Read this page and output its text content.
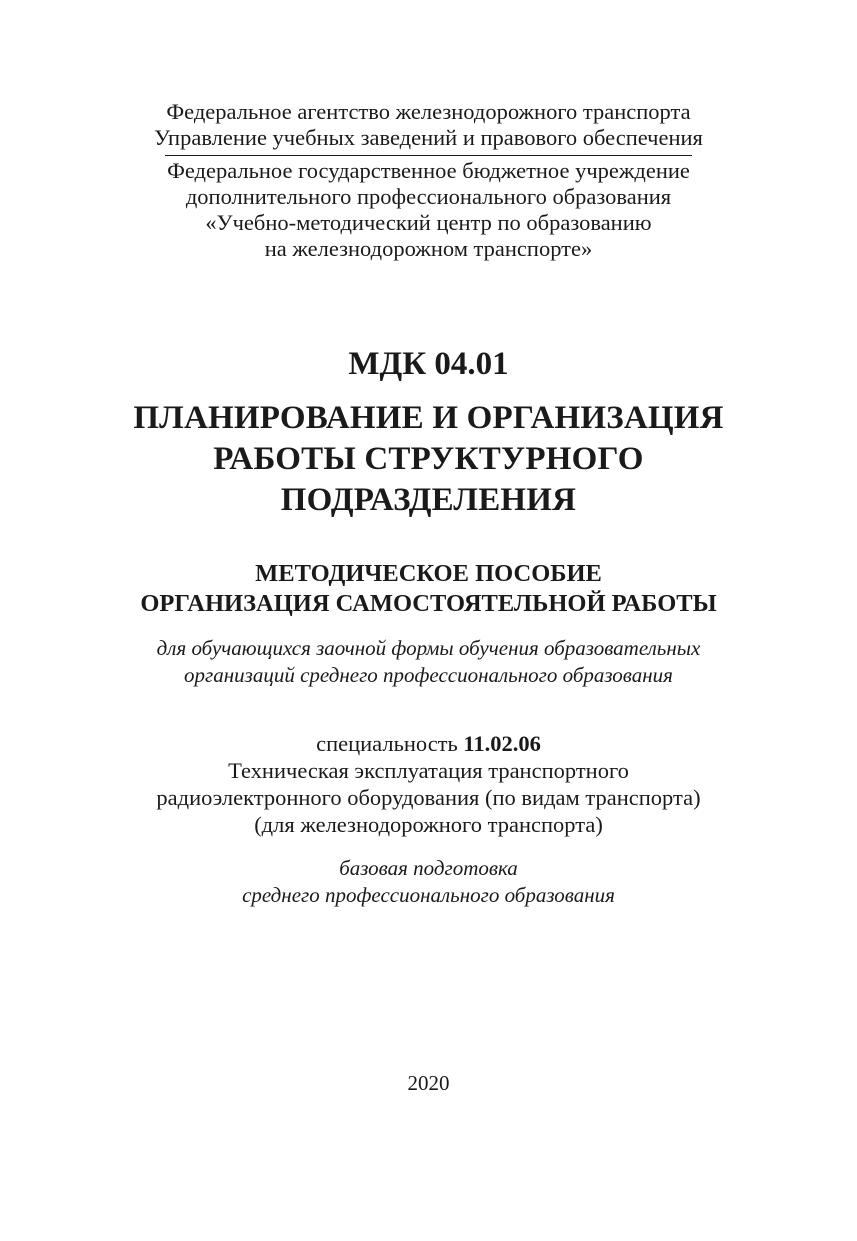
Федеральное агентство железнодорожного транспорта
Управление учебных заведений и правового обеспечения
Федеральное государственное бюджетное учреждение
дополнительного профессионального образования
«Учебно-методический центр по образованию
на железнодорожном транспорте»
МДК 04.01
ПЛАНИРОВАНИЕ И ОРГАНИЗАЦИЯ
РАБОТЫ СТРУКТУРНОГО
ПОДРАЗДЕЛЕНИЯ
МЕТОДИЧЕСКОЕ ПОСОБИЕ
ОРГАНИЗАЦИЯ САМОСТОЯТЕЛЬНОЙ РАБОТЫ
для обучающихся заочной формы обучения образовательных
организаций среднего профессионального образования
специальность 11.02.06
Техническая эксплуатация транспортного
радиоэлектронного оборудования (по видам транспорта)
(для железнодорожного транспорта)
базовая подготовка
среднего профессионального образования
2020
